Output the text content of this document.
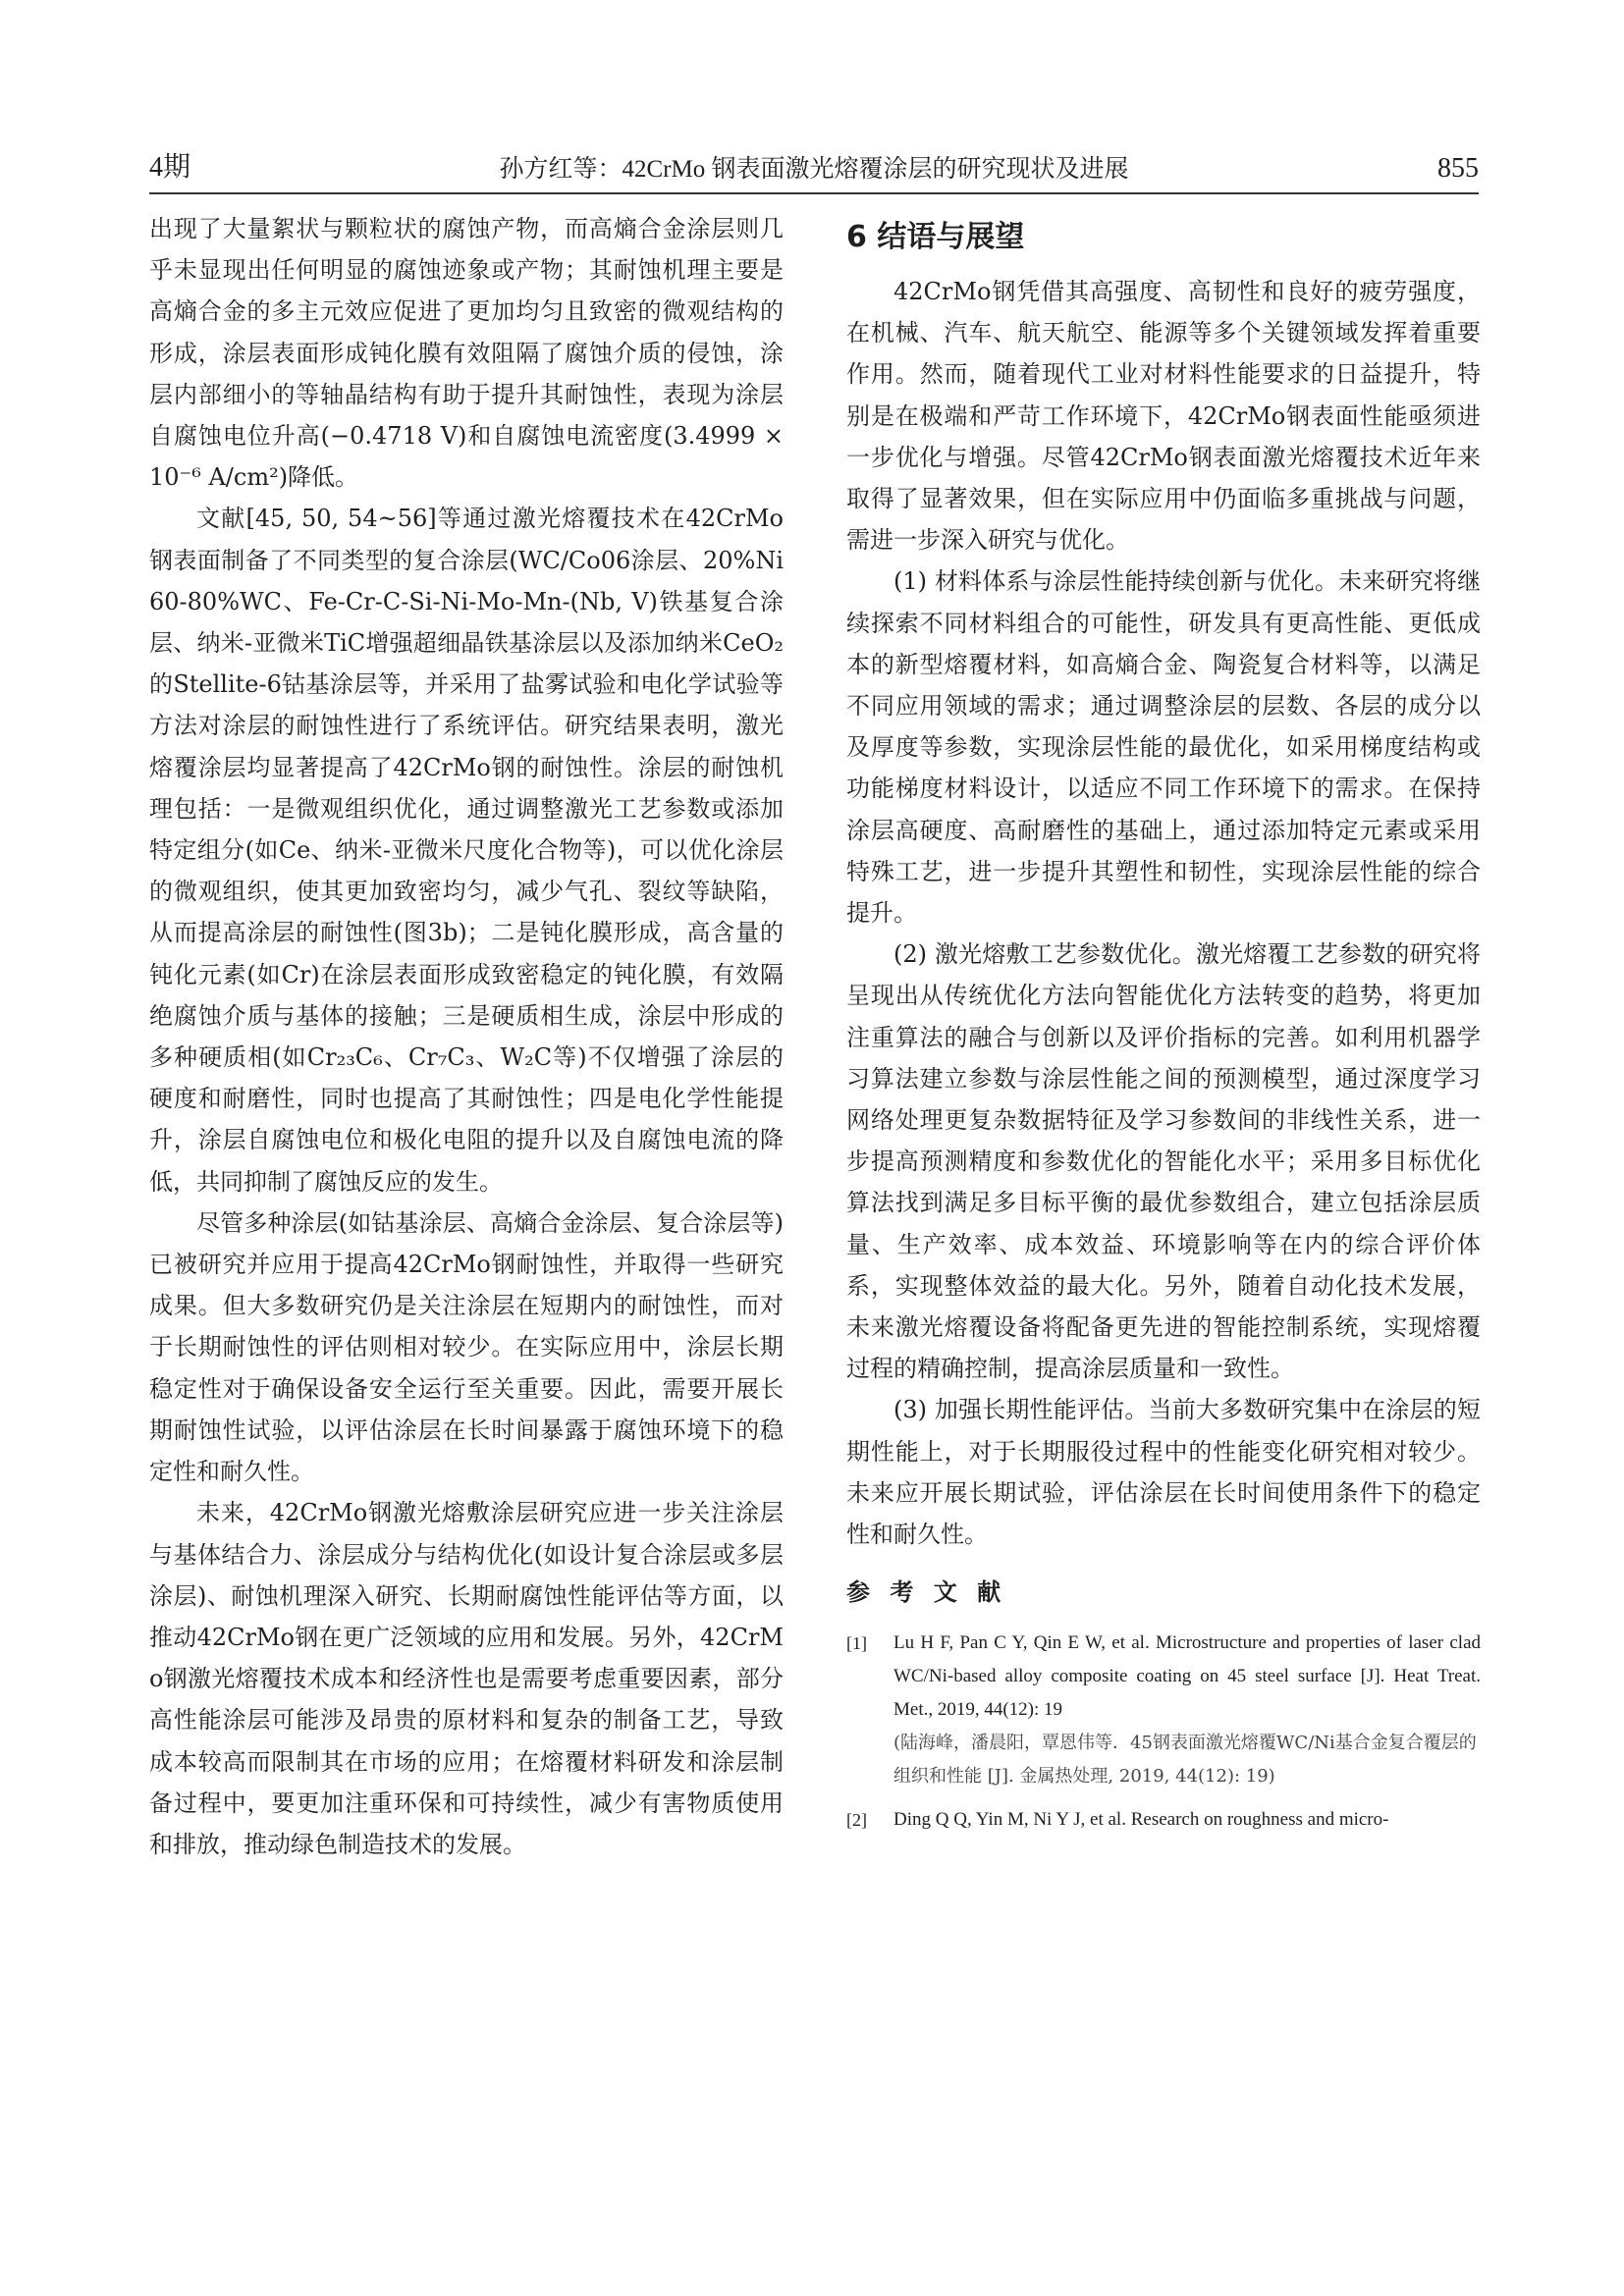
4期	孙方红等：42CrMo 钢表面激光熔覆涂层的研究现状及进展	855

出现了大量絮状与颗粒状的腐蚀产物，而高熵合金涂层则几乎未显现出任何明显的腐蚀迹象或产物；其耐蚀机理主要是高熵合金的多主元效应促进了更加均匀且致密的微观结构的形成，涂层表面形成钝化膜有效阻隔了腐蚀介质的侵蚀，涂层内部细小的等轴晶结构有助于提升其耐蚀性，表现为涂层自腐蚀电位升高(−0.4718 V)和自腐蚀电流密度(3.4999 × 10⁻⁶ A/cm²)降低。

文献[45, 50, 54~56]等通过激光熔覆技术在42CrMo钢表面制备了不同类型的复合涂层(WC/Co06涂层、20%Ni60-80%WC、Fe-Cr-C-Si-Ni-Mo-Mn-(Nb, V)铁基复合涂层、纳米-亚微米TiC增强超细晶铁基涂层以及添加纳米CeO₂的Stellite-6钴基涂层等，并采用了盐雾试验和电化学试验等方法对涂层的耐蚀性进行了系统评估。研究结果表明，激光熔覆涂层均显著提高了42CrMo钢的耐蚀性。涂层的耐蚀机理包括：一是微观组织优化，通过调整激光工艺参数或添加特定组分(如Ce、纳米-亚微米尺度化合物等)，可以优化涂层的微观组织，使其更加致密均匀，减少气孔、裂纹等缺陷，从而提高涂层的耐蚀性(图3b)；二是钝化膜形成，高含量的钝化元素(如Cr)在涂层表面形成致密稳定的钝化膜，有效隔绝腐蚀介质与基体的接触；三是硬质相生成，涂层中形成的多种硬质相(如Cr₂₃C₆、Cr₇C₃、W₂C等)不仅增强了涂层的硬度和耐磨性，同时也提高了其耐蚀性；四是电化学性能提升，涂层自腐蚀电位和极化电阻的提升以及自腐蚀电流的降低，共同抑制了腐蚀反应的发生。

尽管多种涂层(如钴基涂层、高熵合金涂层、复合涂层等)已被研究并应用于提高42CrMo钢耐蚀性，并取得一些研究成果。但大多数研究仍是关注涂层在短期内的耐蚀性，而对于长期耐蚀性的评估则相对较少。在实际应用中，涂层长期稳定性对于确保设备安全运行至关重要。因此，需要开展长期耐蚀性试验，以评估涂层在长时间暴露于腐蚀环境下的稳定性和耐久性。

未来，42CrMo钢激光熔敷涂层研究应进一步关注涂层与基体结合力、涂层成分与结构优化(如设计复合涂层或多层涂层)、耐蚀机理深入研究、长期耐腐蚀性能评估等方面，以推动42CrMo钢在更广泛领域的应用和发展。另外，42CrMo钢激光熔覆技术成本和经济性也是需要考虑重要因素，部分高性能涂层可能涉及昂贵的原材料和复杂的制备工艺，导致成本较高而限制其在市场的应用；在熔覆材料研发和涂层制备过程中，要更加注重环保和可持续性，减少有害物质使用和排放，推动绿色制造技术的发展。

6 结语与展望

42CrMo钢凭借其高强度、高韧性和良好的疲劳强度，在机械、汽车、航天航空、能源等多个关键领域发挥着重要作用。然而，随着现代工业对材料性能要求的日益提升，特别是在极端和严苛工作环境下，42CrMo钢表面性能亟须进一步优化与增强。尽管42CrMo钢表面激光熔覆技术近年来取得了显著效果，但在实际应用中仍面临多重挑战与问题，需进一步深入研究与优化。

(1) 材料体系与涂层性能持续创新与优化。未来研究将继续探索不同材料组合的可能性，研发具有更高性能、更低成本的新型熔覆材料，如高熵合金、陶瓷复合材料等，以满足不同应用领域的需求；通过调整涂层的层数、各层的成分以及厚度等参数，实现涂层性能的最优化，如采用梯度结构或功能梯度材料设计，以适应不同工作环境下的需求。在保持涂层高硬度、高耐磨性的基础上，通过添加特定元素或采用特殊工艺，进一步提升其塑性和韧性，实现涂层性能的综合提升。

(2) 激光熔敷工艺参数优化。激光熔覆工艺参数的研究将呈现出从传统优化方法向智能优化方法转变的趋势，将更加注重算法的融合与创新以及评价指标的完善。如利用机器学习算法建立参数与涂层性能之间的预测模型，通过深度学习网络处理更复杂数据特征及学习参数间的非线性关系，进一步提高预测精度和参数优化的智能化水平；采用多目标优化算法找到满足多目标平衡的最优参数组合，建立包括涂层质量、生产效率、成本效益、环境影响等在内的综合评价体系，实现整体效益的最大化。另外，随着自动化技术发展，未来激光熔覆设备将配备更先进的智能控制系统，实现熔覆过程的精确控制，提高涂层质量和一致性。

(3) 加强长期性能评估。当前大多数研究集中在涂层的短期性能上，对于长期服役过程中的性能变化研究相对较少。未来应开展长期试验，评估涂层在长时间使用条件下的稳定性和耐久性。

参 考 文 献
[1]	Lu H F, Pan C Y, Qin E W, et al. Microstructure and properties of laser clad WC/Ni-based alloy composite coating on 45 steel surface [J]. Heat Treat. Met., 2019, 44(12): 19

(陆海峰，潘晨阳，覃恩伟等．45钢表面激光熔覆WC/Ni基合金复合覆层的组织和性能 [J]. 金属热处理, 2019, 44(12): 19)

[2]	Ding Q Q, Yin M, Ni Y J, et al. Research on roughness and micro-
